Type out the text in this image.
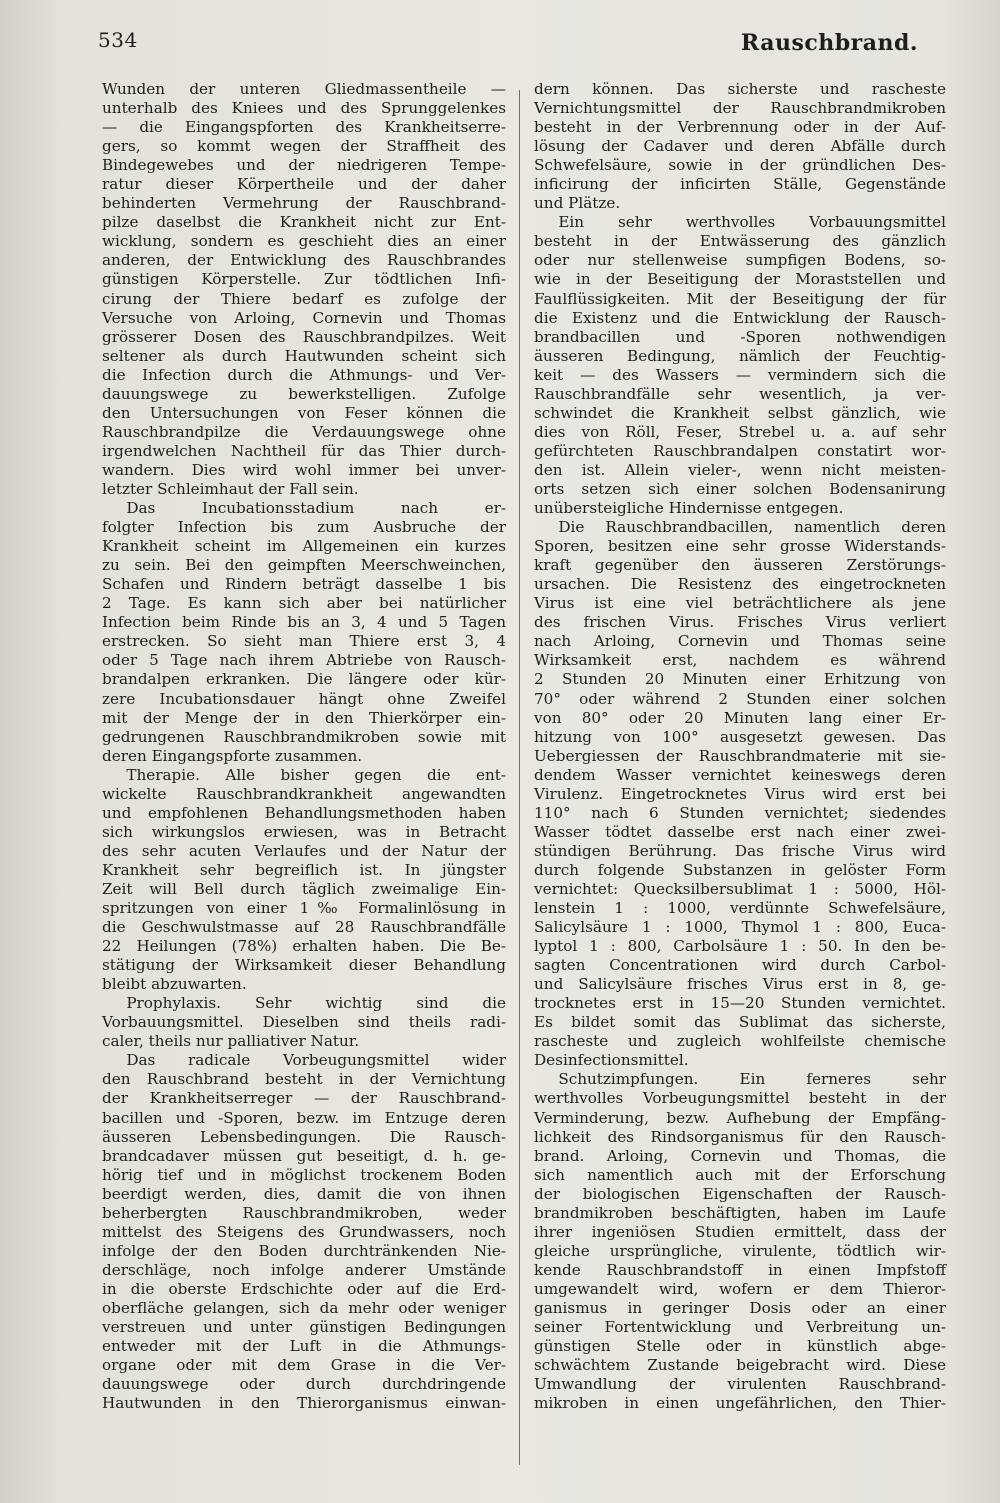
534	Rauschbrand.
Wunden der unteren Gliedmassentheile —
unterhalb des Kniees und des Sprunggelenkes
— die Eingangspforten des Krankheitserre-
gers, so kommt wegen der Straffheit des
Bindegewebes und der niedrigeren Tempe-
ratur dieser Körpertheile und der daher
behinderten Vermehrung der Rauschbrand-
pilze daselbst die Krankheit nicht zur Ent-
wicklung, sondern es geschieht dies an einer
anderen, der Entwicklung des Rauschbrandes
günstigen Körperstelle. Zur tödtlichen Infi-
cirung der Thiere bedarf es zufolge der
Versuche von Arloing, Cornevin und Thomas
grösserer Dosen des Rauschbrandpilzes. Weit
seltener als durch Hautwunden scheint sich
die Infection durch die Athmungs- und Ver-
dauungswege zu bewerkstelligen. Zufolge
den Untersuchungen von Feser können die
Rauschbrandpilze die Verdauungswege ohne
irgendwelchen Nachtheil für das Thier durch-
wandern. Dies wird wohl immer bei unver-
letzter Schleimhaut der Fall sein.
Das Incubationsstadium nach er-
folgter Infection bis zum Ausbruche der
Krankheit scheint im Allgemeinen ein kurzes
zu sein. Bei den geimpften Meerschweinchen,
Schafen und Rindern beträgt dasselbe 1 bis
2 Tage. Es kann sich aber bei natürlicher
Infection beim Rinde bis an 3, 4 und 5 Tagen
erstrecken. So sieht man Thiere erst 3, 4
oder 5 Tage nach ihrem Abtriebe von Rausch-
brandalpen erkranken. Die längere oder kür-
zere Incubationsdauer hängt ohne Zweifel
mit der Menge der in den Thierkörper ein-
gedrungenen Rauschbrandmikroben sowie mit
deren Eingangspforte zusammen.
Therapie. Alle bisher gegen die ent-
wickelte Rauschbrandkrankheit angewandten
und empfohlenen Behandlungsmethoden haben
sich wirkungslos erwiesen, was in Betracht
des sehr acuten Verlaufes und der Natur der
Krankheit sehr begreiflich ist. In jüngster
Zeit will Bell durch täglich zweimalige Ein-
spritzungen von einer 1‰ Formalinlösung in
die Geschwulstmasse auf 28 Rauschbrandfälle
22 Heilungen (78%) erhalten haben. Die Be-
stätigung der Wirksamkeit dieser Behandlung
bleibt abzuwarten.
Prophylaxis. Sehr wichtig sind die
Vorbauungsmittel. Dieselben sind theils radi-
caler, theils nur palliativer Natur.
Das radicale Vorbeugungsmittel wider
den Rauschbrand besteht in der Vernichtung
der Krankheitserreger — der Rauschbrand-
bacillen und -Sporen, bezw. im Entzuge deren
äusseren Lebensbedingungen. Die Rausch-
brandcadaver müssen gut beseitigt, d. h. ge-
hörig tief und in möglichst trockenem Boden
beerdigt werden, dies, damit die von ihnen
beherbergten Rauschbrandmikroben, weder
mittelst des Steigens des Grundwassers, noch
infolge der den Boden durchtränkenden Nie-
derschläge, noch infolge anderer Umstände
in die oberste Erdschichte oder auf die Erd-
oberfläche gelangen, sich da mehr oder weniger
verstreuen und unter günstigen Bedingungen
entweder mit der Luft in die Athmungs-
organe oder mit dem Grase in die Ver-
dauungswege oder durch durchdringende
Hautwunden in den Thierorganismus einwan-
dern können. Das sicherste und rascheste
Vernichtungsmittel der Rauschbrandmikroben
besteht in der Verbrennung oder in der Auf-
lösung der Cadaver und deren Abfälle durch
Schwefelsäure, sowie in der gründlichen Des-
inficirung der inficirten Ställe, Gegenstände
und Plätze.
Ein sehr werthvolles Vorbauungsmittel
besteht in der Entwässerung des gänzlich
oder nur stellenweise sumpfigen Bodens, so-
wie in der Beseitigung der Moraststellen und
Faulflüssigkeiten. Mit der Beseitigung der für
die Existenz und die Entwicklung der Rausch-
brandbacillen und -Sporen nothwendigen
äusseren Bedingung, nämlich der Feuchtig-
keit — des Wassers — vermindern sich die
Rauschbrandfälle sehr wesentlich, ja ver-
schwindet die Krankheit selbst gänzlich, wie
dies von Röll, Feser, Strebel u. a. auf sehr
gefürchteten Rauschbrandalpen constatirt wor-
den ist. Allein vieler-, wenn nicht meisten-
orts setzen sich einer solchen Bodensanirung
unübersteigliche Hindernisse entgegen.
Die Rauschbrandbacillen, namentlich deren
Sporen, besitzen eine sehr grosse Widerstands-
kraft gegenüber den äusseren Zerstörungs-
ursachen. Die Resistenz des eingetrockneten
Virus ist eine viel beträchtlichere als jene
des frischen Virus. Frisches Virus verliert
nach Arloing, Cornevin und Thomas seine
Wirksamkeit erst, nachdem es während
2 Stunden 20 Minuten einer Erhitzung von
70° oder während 2 Stunden einer solchen
von 80° oder 20 Minuten lang einer Er-
hitzung von 100° ausgesetzt gewesen. Das
Uebergiessen der Rauschbrandmaterie mit sie-
dendem Wasser vernichtet keineswegs deren
Virulenz. Eingetrocknetes Virus wird erst bei
110° nach 6 Stunden vernichtet; siedendes
Wasser tödtet dasselbe erst nach einer zwei-
stündigen Berührung. Das frische Virus wird
durch folgende Substanzen in gelöster Form
vernichtet: Quecksilbersublimat 1 : 5000, Höl-
lenstein 1 : 1000, verdünnte Schwefelsäure,
Salicylsäure 1 : 1000, Thymol 1 : 800, Euca-
lyptol 1 : 800, Carbolsäure 1 : 50. In den be-
sagten Concentrationen wird durch Carbol-
und Salicylsäure frisches Virus erst in 8, ge-
trocknetes erst in 15—20 Stunden vernichtet.
Es bildet somit das Sublimat das sicherste,
rascheste und zugleich wohlfeilste chemische
Desinfectionsmittel.
Schutzimpfungen. Ein ferneres sehr
werthvolles Vorbeugungsmittel besteht in der
Verminderung, bezw. Aufhebung der Empfäng-
lichkeit des Rindsorganismus für den Rausch-
brand. Arloing, Cornevin und Thomas, die
sich namentlich auch mit der Erforschung
der biologischen Eigenschaften der Rausch-
brandmikroben beschäftigten, haben im Laufe
ihrer ingeniösen Studien ermittelt, dass der
gleiche ursprüngliche, virulente, tödtlich wir-
kende Rauschbrandstoff in einen Impfstoff
umgewandelt wird, wofern er dem Thieror-
ganismus in geringer Dosis oder an einer
seiner Fortentwicklung und Verbreitung un-
günstigen Stelle oder in künstlich abge-
schwächtem Zustande beigebracht wird. Diese
Umwandlung der virulenten Rauschbrand-
mikroben in einen ungefährlichen, den Thier-
